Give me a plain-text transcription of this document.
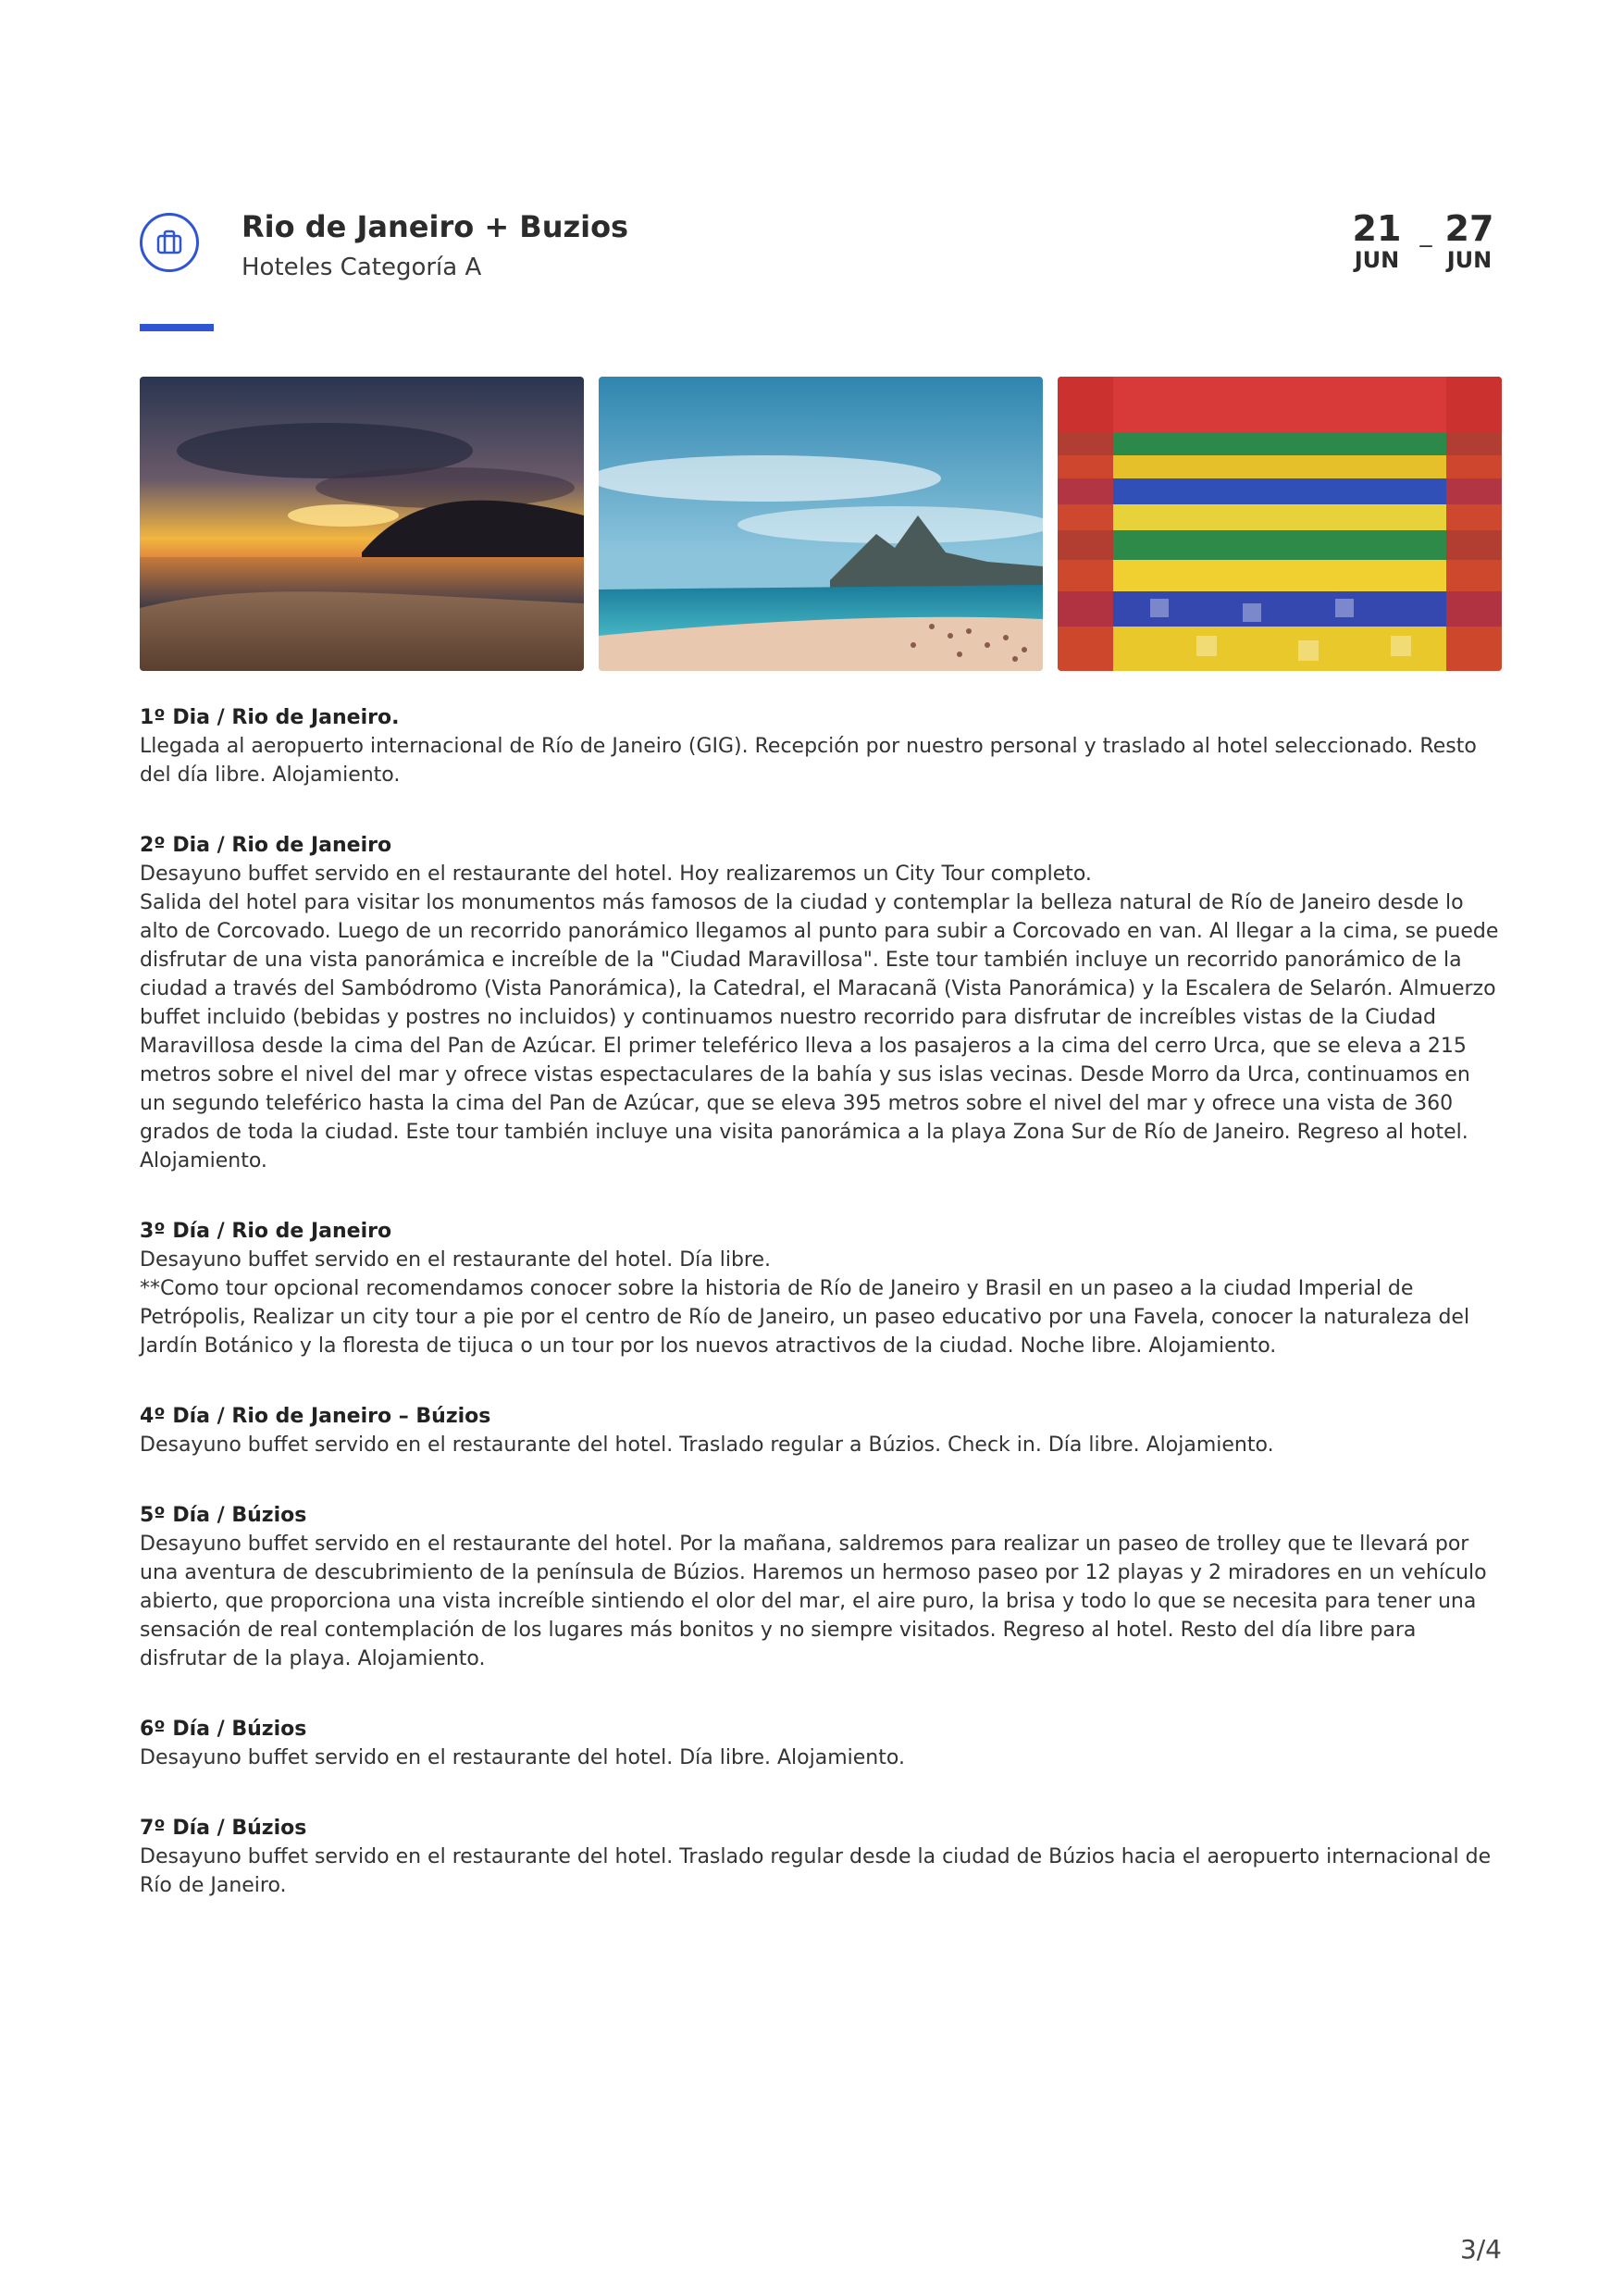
Rio de Janeiro + Buzios
Hoteles Categoría A
21
JUN
_ 27
JUN
1º Dia / Rio de Janeiro.
Llegada al aeropuerto internacional de Río de Janeiro (GIG). Recepción por nuestro personal y traslado al hotel seleccionado. Resto del día libre. Alojamiento.
2º Dia / Rio de Janeiro
Desayuno buffet servido en el restaurante del hotel. Hoy realizaremos un City Tour completo.
Salida del hotel para visitar los monumentos más famosos de la ciudad y contemplar la belleza natural de Río de Janeiro desde lo alto de Corcovado. Luego de un recorrido panorámico llegamos al punto para subir a Corcovado en van. Al llegar a la cima, se puede disfrutar de una vista panorámica e increíble de la "Ciudad Maravillosa". Este tour también incluye un recorrido panorámico de la ciudad a través del Sambódromo (Vista Panorámica), la Catedral, el Maracanã (Vista Panorámica) y la Escalera de Selarón. Almuerzo buffet incluido (bebidas y postres no incluidos) y continuamos nuestro recorrido para disfrutar de increíbles vistas de la Ciudad Maravillosa desde la cima del Pan de Azúcar. El primer teleférico lleva a los pasajeros a la cima del cerro Urca, que se eleva a 215 metros sobre el nivel del mar y ofrece vistas espectaculares de la bahía y sus islas vecinas. Desde Morro da Urca, continuamos en un segundo teleférico hasta la cima del Pan de Azúcar, que se eleva 395 metros sobre el nivel del mar y ofrece una vista de 360 grados de toda la ciudad. Este tour también incluye una visita panorámica a la playa Zona Sur de Río de Janeiro. Regreso al hotel. Alojamiento.
3º Día / Rio de Janeiro
Desayuno buffet servido en el restaurante del hotel. Día libre.
**Como tour opcional recomendamos conocer sobre la historia de Río de Janeiro y Brasil en un paseo a la ciudad Imperial de Petrópolis, Realizar un city tour a pie por el centro de Río de Janeiro, un paseo educativo por una Favela, conocer la naturaleza del Jardín Botánico y la floresta de tijuca o un tour por los nuevos atractivos de la ciudad. Noche libre. Alojamiento.
4º Día / Rio de Janeiro – Búzios
Desayuno buffet servido en el restaurante del hotel. Traslado regular a Búzios. Check in. Día libre. Alojamiento.
5º Día / Búzios
Desayuno buffet servido en el restaurante del hotel. Por la mañana, saldremos para realizar un paseo de trolley que te llevará por una aventura de descubrimiento de la península de Búzios. Haremos un hermoso paseo por 12 playas y 2 miradores en un vehículo abierto, que proporciona una vista increíble sintiendo el olor del mar, el aire puro, la brisa y todo lo que se necesita para tener una sensación de real contemplación de los lugares más bonitos y no siempre visitados. Regreso al hotel. Resto del día libre para disfrutar de la playa. Alojamiento.
6º Día / Búzios
Desayuno buffet servido en el restaurante del hotel. Día libre. Alojamiento.
7º Día / Búzios
Desayuno buffet servido en el restaurante del hotel. Traslado regular desde la ciudad de Búzios hacia el aeropuerto internacional de Río de Janeiro.
3/4
